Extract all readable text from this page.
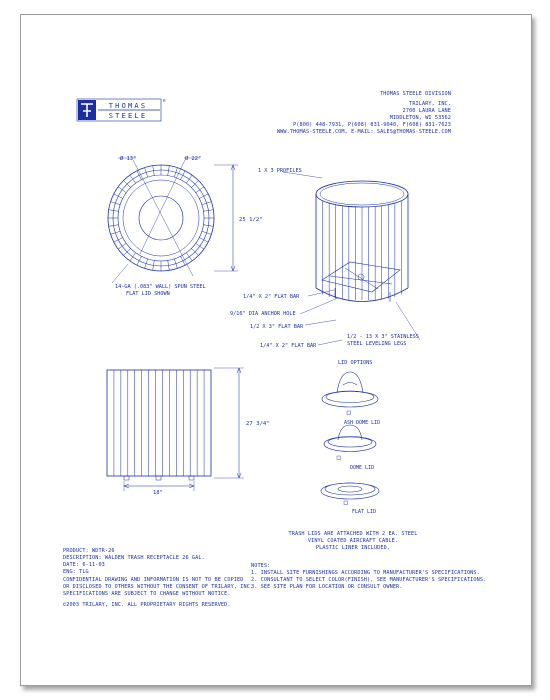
THOMAS
STEELE
®
Ø 13"	Ø 22"
25 1/2"
14-GA (.083" WALL) SPUN STEEL
FLAT LID SHOWN
1 X 3 PROFILES
1/4" X 2" FLAT BAR
9/16" DIA ANCHOR HOLE
1/2 X 3" FLAT BAR
1/4" X 2" FLAT BAR
1/2 - 13 X 3" STAINLESS
STEEL LEVELING LEGS
27 3/4"
18"
LID OPTIONS
ASH DOME LID
DOME LID
FLAT LID
THOMAS STEELE DIVISION
TRILARY, INC.
2700 LAURA LANE
MIDDLETON, WI 53562
P(800) 448-7931, P(608) 831-9040, F(608) 831-7623
WWW.THOMAS-STEELE.COM, E-MAIL: SALES@THOMAS-STEELE.COM
TRASH LIDS ARE ATTACHED WITH 2 EA. STEEL
VINYL COATED AIRCRAFT CABLE.
PLASTIC LINER INCLUDED.
PRODUCT: WDTR-26
DESCRIPTION: WALDEN TRASH RECEPTACLE 26 GAL.
DATE: 6-11-03
ENG: TLG
CONFIDENTIAL DRAWING AND INFORMATION IS NOT TO BE COPIED
OR DISCLOSED TO OTHERS WITHOUT THE CONSENT OF TRILARY, INC.
SPECIFICATIONS ARE SUBJECT TO CHANGE WITHOUT NOTICE.
©2003 TRILARY, INC. ALL PROPRIETARY RIGHTS RESERVED.
NOTES:
1. INSTALL SITE FURNISHINGS ACCORDING TO MANUFACTURER'S SPECIFICATIONS.
2. CONSULTANT TO SELECT COLOR(FINISH), SEE MANUFACTURER'S SPECIFICATIONS.
3. SEE SITE PLAN FOR LOCATION OR CONSULT OWNER.
